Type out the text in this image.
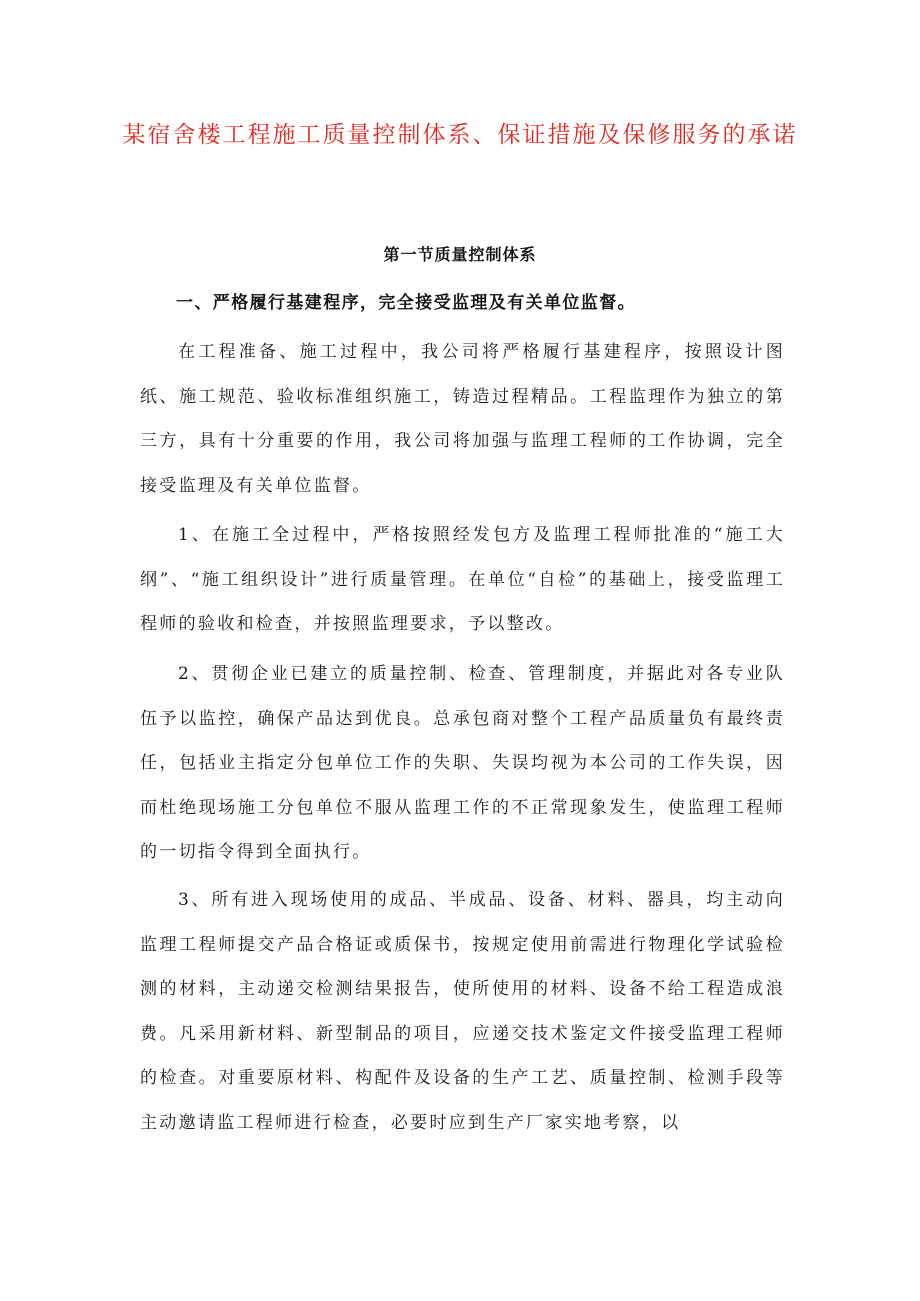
某宿舍楼工程施工质量控制体系、保证措施及保修服务的承诺
第一节质量控制体系
一、严格履行基建程序，完全接受监理及有关单位监督。

在工程准备、施工过程中，我公司将严格履行基建程序，按照设计图纸、施工规范、验收标准组织施工，铸造过程精品。工程监理作为独立的第三方，具有十分重要的作用，我公司将加强与监理工程师的工作协调，完全接受监理及有关单位监督。

1、在施工全过程中，严格按照经发包方及监理工程师批准的“施工大纲”、“施工组织设计”进行质量管理。在单位“自检”的基础上，接受监理工程师的验收和检查，并按照监理要求，予以整改。

2、贯彻企业已建立的质量控制、检查、管理制度，并据此对各专业队伍予以监控，确保产品达到优良。总承包商对整个工程产品质量负有最终责任，包括业主指定分包单位工作的失职、失误均视为本公司的工作失误，因而杜绝现场施工分包单位不服从监理工作的不正常现象发生，使监理工程师的一切指令得到全面执行。

3、所有进入现场使用的成品、半成品、设备、材料、器具，均主动向监理工程师提交产品合格证或质保书，按规定使用前需进行物理化学试验检测的材料，主动递交检测结果报告，使所使用的材料、设备不给工程造成浪费。凡采用新材料、新型制品的项目，应递交技术鉴定文件接受监理工程师的检查。对重要原材料、构配件及设备的生产工艺、质量控制、检测手段等主动邀请监工程师进行检查，必要时应到生产厂家实地考察，以
